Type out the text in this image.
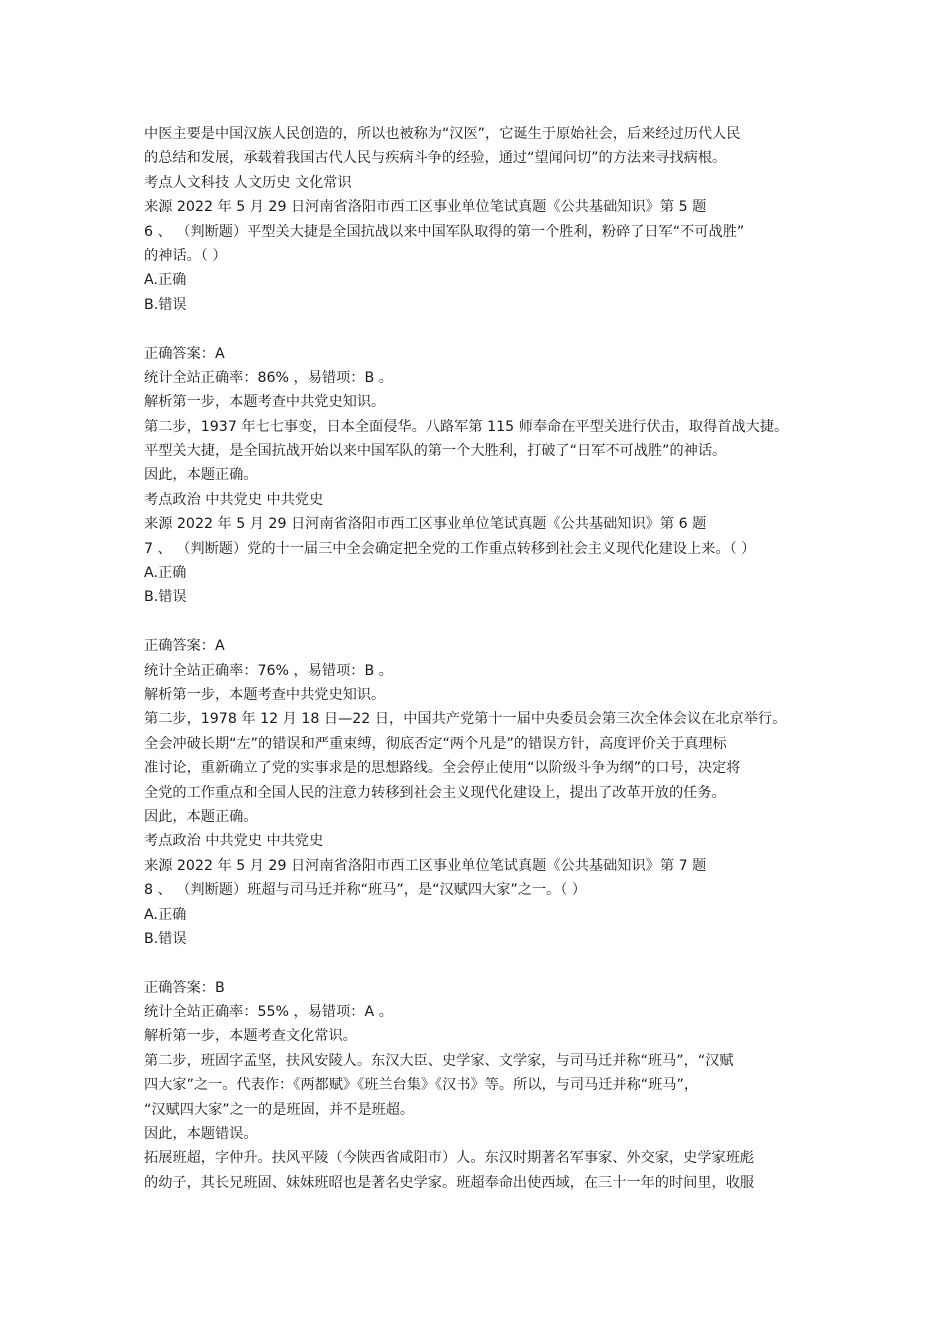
中医主要是中国汉族人民创造的，所以也被称为“汉医”，它诞生于原始社会，后来经过历代人民
的总结和发展，承载着我国古代人民与疾病斗争的经验，通过“望闻问切”的方法来寻找病根。
考点人文科技 人文历史 文化常识
来源 2022 年 5 月 29 日河南省洛阳市西工区事业单位笔试真题《公共基础知识》第 5 题
6 、 （判断题）平型关大捷是全国抗战以来中国军队取得的第一个胜利，粉碎了日军“不可战胜”
的神话。（ ）
A.正确
B.错误
正确答案：A
统计全站正确率：86% ，易错项：B 。
解析第一步，本题考查中共党史知识。
第二步，1937 年七七事变，日本全面侵华。八路军第 115 师奉命在平型关进行伏击，取得首战大捷。
平型关大捷，是全国抗战开始以来中国军队的第一个大胜利，打破了“日军不可战胜”的神话。
因此，本题正确。
考点政治 中共党史 中共党史
来源 2022 年 5 月 29 日河南省洛阳市西工区事业单位笔试真题《公共基础知识》第 6 题
7 、 （判断题）党的十一届三中全会确定把全党的工作重点转移到社会主义现代化建设上来。（ ）
A.正确
B.错误
正确答案：A
统计全站正确率：76% ，易错项：B 。
解析第一步，本题考查中共党史知识。
第二步，1978 年 12 月 18 日—22 日，中国共产党第十一届中央委员会第三次全体会议在北京举行。
全会冲破长期“左”的错误和严重束缚，彻底否定“两个凡是”的错误方针，高度评价关于真理标
准讨论，重新确立了党的实事求是的思想路线。全会停止使用“以阶级斗争为纲”的口号，决定将
全党的工作重点和全国人民的注意力转移到社会主义现代化建设上，提出了改革开放的任务。
因此，本题正确。
考点政治 中共党史 中共党史
来源 2022 年 5 月 29 日河南省洛阳市西工区事业单位笔试真题《公共基础知识》第 7 题
8 、 （判断题）班超与司马迁并称“班马”，是“汉赋四大家”之一。（ ）
A.正确
B.错误
正确答案：B
统计全站正确率：55% ，易错项：A 。
解析第一步，本题考查文化常识。
第二步，班固字孟坚，扶风安陵人。东汉大臣、史学家、文学家，与司马迁并称“班马”，“汉赋
四大家”之一。代表作：《两都赋》《班兰台集》《汉书》等。所以，与司马迁并称“班马”，
“汉赋四大家”之一的是班固，并不是班超。
因此，本题错误。
拓展班超，字仲升。扶风平陵（今陕西省咸阳市）人。东汉时期著名军事家、外交家，史学家班彪
的幼子，其长兄班固、妹妹班昭也是著名史学家。班超奉命出使西域，在三十一年的时间里，收服
